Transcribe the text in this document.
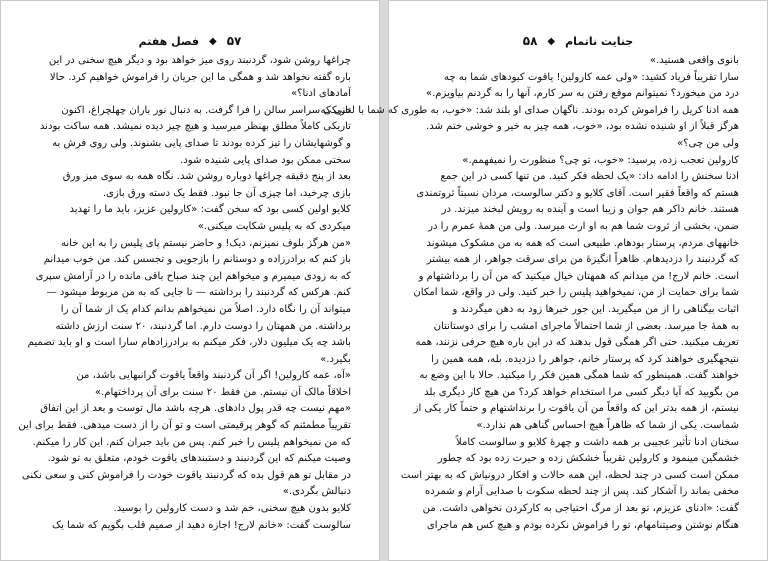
۵۷
◆
فصل هفتم
چراغها روشن شود، گردنبند روی میز خواهد بود و دیگر هیچ سخنی در این
باره گفته نخواهد شد و همگی ما این جریان را فراموش خواهیم کرد. حالا
آمادهای ادنا؟»
تاریکی سراسر سالن را فرا گرفت. به دنبال نور باران چهلچراغ، اکنون
تاریکی کاملاً مطلق بهنظر میرسید و هیچ چیز دیده نمیشد. همه ساکت بودند
و گوشهایشان را تیز کرده بودند تا صدای پایی بشنوند. ولی روی فرش به
سختی ممکن بود صدای پایی شنیده شود.
بعد از پنج دقیقه چراغها دوباره روشن شد. نگاه همه به سوی میز ورق
بازی چرخید، اما چیزی آن جا نبود. فقط یک دسته ورق بازی.
کلایو اولین کسی بود که سخن گفت: «کارولین عزیز، باید ما را تهدید
میکردی که به پلیس شکایت میکنی.»
«من هرگز بلوف نمیزنم، دیک! و حاضر نیستم پای پلیس را به این خانه
باز کنم که برادرزاده و دوستانم را بازجویی و تجسس کند. من خوب میدانم
که به زودی میمیرم و میخواهم این چند صباح باقی مانده را در آرامش سپری
کنم. هرکس که گردنبند را برداشته — تا جایی که به من مربوط میشود —
میتواند آن را نگاه دارد. اصلاً من نمیخواهم بدانم کدام یک از شما آن را
برداشته. من همهتان را دوست دارم. اما گردنبند، ۲۰ سنت ارزش داشته
باشد چه یک میلیون دلار، فکر میکنم به برادرزادهام سارا است و او باید تصمیم
بگیرد.»
«آه، عمه کارولین! اگر آن گردنبند واقعاً یاقوت گرانبهایی باشد، من
اخلاقاً مالک آن نیستم. من فقط ۲۰ سنت برای آن پرداختهام.»
«مهم نیست چه قدر پول دادهای. هرچه باشد مال توست و بعد از این اتفاق
تقریباً مطمئنم که گوهر پرقیمتی است و تو آن را از دست میدهی. فقط برای این
که من نمیخواهم پلیس را خبر کنم. پس من باید جبران کنم. این کار را میکنم.
وصیت میکنم که این گردنبند و دستبندهای یاقوت خودم، متعلق به تو شود.
در مقابل تو هم قول بده که گردنبند یاقوت خودت را فراموش کنی و سعی نکنی
دنبالش بگردی.»
کلایو بدون هیچ سخنی، خم شد و دست کارولین را بوسید.
سالوست گفت: «خانم لارج! اجازه دهید از صمیم قلب بگویم که شما یک
جنایت ناتمام
◆
۵۸
بانوی واقعی هستید.»
سارا تقریباً فریاد کشید: «ولی عمه کارولین! یاقوت کبودهای شما به چه
درد من میخورد؟ نمیتوانم موقع رفتن به سر کارم، آنها را به گردنم بیاویزم.»
همه ادنا کریل را فراموش کرده بودند. ناگهان صدای او بلند شد: «خوب، به طوری که شما با لحنی که
هرگز قبلاً از او شنیده نشده بود، «خوب، همه چیز به خیر و خوشی ختم شد.
ولی من چی؟»
کارولین تعجب زده، پرسید: «خوب، تو چی؟ منظورت را نمیفهمم.»
ادنا سخنش را ادامه داد: «یک لحظه فکر کنید. من تنها کسی در این جمع
هستم که واقعاً فقیر است. آقای کلایو و دکتر سالوست، مردان نسبتاً ثروتمندی
هستند. خانم داکر هم جوان و زیبا است و آینده به رویش لبخند میزند. در
ضمن، بخشی از ثروت شما هم به او ارث میرسد. ولی من همهٔ عمرم را در
خانههای مردم، پرستار بودهام. طبیعی است که همه به من مشکوک میشوند
که گردنبند را دزدیدهام. ظاهراً انگیزهٔ من برای سرقت جواهر، از همه بیشتر
است. خانم لارج! من میدانم که همهتان خیال میکنید که من آن را برداشتهام و
شما برای حمایت از من، نمیخواهید پلیس را خبر کنید. ولی در واقع، شما امکان
اثبات بیگناهی را از من میگیرید. این جور خبرها زود به دهن میگردند و
به همهٔ جا میرسد. بعضی از شما احتمالاً ماجرای امشب را برای دوستانتان
تعریف میکنید. حتی اگر همگی قول بدهند که در این باره هیچ حرفی نزنند، همه
نتیجهگیری خواهند کرد که پرستار خانم، جواهر را دزدیده. بله، همه همین را
خواهند گفت. همینطور که شما همگی همین فکر را میکنید. حالا با این وضع به
من بگویید که آیا دیگر کسی مرا استخدام خواهد کرد؟ من هیچ کار دیگری بلد
نیستم، از همه بدتر این که واقعاً من آن یاقوت را برنداشتهام و حتماً کار یکی از
شماست. یکی از شما که ظاهراً هیچ احساس گناهی هم ندارد.»
سخنان ادنا تأثیر عجیبی بر همه داشت و چهرهٔ کلایو و سالوست کاملاً
خشمگین مینمود و کارولین تقریباً خشکش زده و حیرت زده بود که چطور
ممکن است کسی در چند لحظه، این همه حالات و افکار درونیاش که به بهتر است
مخفی بماند را آشکار کند. پس از چند لحظه سکوت با صدایی آرام و شمرده
گفت: «ادنای عزیزم، تو بعد از مرگ احتیاجی به کارکردن نخواهی داشت. من
هنگام نوشتن وصیتنامهام، تو را فراموش نکرده بودم و هیچ کس هم ماجرای
